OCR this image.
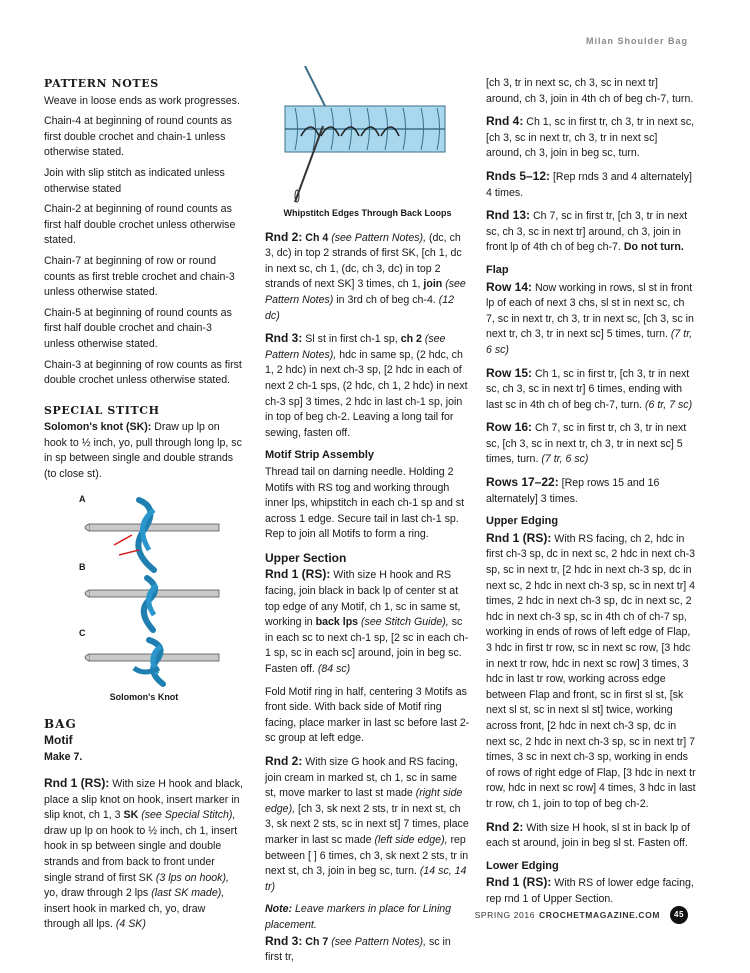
Milan Shoulder Bag
PATTERN NOTES

Weave in loose ends as work progresses.

Chain-4 at beginning of round counts as first double crochet and chain-1 unless otherwise stated.

Join with slip stitch as indicated unless otherwise stated

Chain-2 at beginning of round counts as first half double crochet unless otherwise stated.

Chain-7 at beginning of row or round counts as first treble crochet and chain-3 unless otherwise stated.

Chain-5 at beginning of round counts as first half double crochet and chain-3 unless otherwise stated.

Chain-3 at beginning of row counts as first double crochet unless otherwise stated.

SPECIAL STITCH

Solomon's knot (SK): Draw up lp on hook to ½ inch, yo, pull through long lp, sc in sp between single and double strands (to close st).

A
B
C
Solomon's Knot
BAG
Motif
Make 7.

Rnd 1 (RS): With size H hook and black, place a slip knot on hook, insert marker in slip knot, ch 1, 3 SK (see Special Stitch), draw up lp on hook to ½ inch, ch 1, insert hook in sp between single and double strands and from back to front under single strand of first SK (3 lps on hook), yo, draw through 2 lps (last SK made), insert hook in marked ch, yo, draw through all lps. (4 SK)

Whipstitch Edges Through Back Loops

Rnd 2: Ch 4 (see Pattern Notes), (dc, ch 3, dc) in top 2 strands of first SK, [ch 1, dc in next sc, ch 1, (dc, ch 3, dc) in top 2 strands of next SK] 3 times, ch 1, join (see Pattern Notes) in 3rd ch of beg ch-4. (12 dc)

Rnd 3: Sl st in first ch-1 sp, ch 2 (see Pattern Notes), hdc in same sp, (2 hdc, ch 1, 2 hdc) in next ch-3 sp, [2 hdc in each of next 2 ch-1 sps, (2 hdc, ch 1, 2 hdc) in next ch-3 sp] 3 times, 2 hdc in last ch-1 sp, join in top of beg ch-2. Leaving a long tail for sewing, fasten off.

Motif Strip Assembly

Thread tail on darning needle. Holding 2 Motifs with RS tog and working through inner lps, whipstitch in each ch-1 sp and st across 1 edge. Secure tail in last ch-1 sp. Rep to join all Motifs to form a ring.

Upper Section

Rnd 1 (RS): With size H hook and RS facing, join black in back lp of center st at top edge of any Motif, ch 1, sc in same st, working in back lps (see Stitch Guide), sc in each sc to next ch-1 sp, [2 sc in each ch-1 sp, sc in each sc] around, join in beg sc. Fasten off. (84 sc)

Fold Motif ring in half, centering 3 Motifs as front side. With back side of Motif ring facing, place marker in last sc before last 2-sc group at left edge.

Rnd 2: With size G hook and RS facing, join cream in marked st, ch 1, sc in same st, move marker to last st made (right side edge), [ch 3, sk next 2 sts, tr in next st, ch 3, sk next 2 sts, sc in next st] 7 times, place marker in last sc made (left side edge), rep between [ ] 6 times, ch 3, sk next 2 sts, tr in next st, ch 3, join in beg sc, turn. (14 sc, 14 tr)

Note: Leave markers in place for Lining placement.

Rnd 3: Ch 7 (see Pattern Notes), sc in first tr,

[ch 3, tr in next sc, ch 3, sc in next tr] around, ch 3, join in 4th ch of beg ch-7, turn.

Rnd 4: Ch 1, sc in first tr, ch 3, tr in next sc, [ch 3, sc in next tr, ch 3, tr in next sc] around, ch 3, join in beg sc, turn.

Rnds 5–12: [Rep rnds 3 and 4 alternately] 4 times.

Rnd 13: Ch 7, sc in first tr, [ch 3, tr in next sc, ch 3, sc in next tr] around, ch 3, join in front lp of 4th ch of beg ch-7. Do not turn.

Flap

Row 14: Now working in rows, sl st in front lp of each of next 3 chs, sl st in next sc, ch 7, sc in next tr, ch 3, tr in next sc, [ch 3, sc in next tr, ch 3, tr in next sc] 5 times, turn. (7 tr, 6 sc)

Row 15: Ch 1, sc in first tr, [ch 3, tr in next sc, ch 3, sc in next tr] 6 times, ending with last sc in 4th ch of beg ch-7, turn. (6 tr, 7 sc)

Row 16: Ch 7, sc in first tr, ch 3, tr in next sc, [ch 3, sc in next tr, ch 3, tr in next sc] 5 times, turn. (7 tr, 6 sc)

Rows 17–22: [Rep rows 15 and 16 alternately] 3 times.

Upper Edging

Rnd 1 (RS): With RS facing, ch 2, hdc in first ch-3 sp, dc in next sc, 2 hdc in next ch-3 sp, sc in next tr, [2 hdc in next ch-3 sp, dc in next sc, 2 hdc in next ch-3 sp, sc in next tr] 4 times, 2 hdc in next ch-3 sp, dc in next sc, 2 hdc in next ch-3 sp, sc in 4th ch of ch-7 sp, working in ends of rows of left edge of Flap, 3 hdc in first tr row, sc in next sc row, [3 hdc in next tr row, hdc in next sc row] 3 times, 3 hdc in last tr row, working across edge between Flap and front, sc in first sl st, [sk next sl st, sc in next sl st] twice, working across front, [2 hdc in next ch-3 sp, dc in next sc, 2 hdc in next ch-3 sp, sc in next tr] 7 times, 3 sc in next ch-3 sp, working in ends of rows of right edge of Flap, [3 hdc in next tr row, hdc in next sc row] 4 times, 3 hdc in last tr row, ch 1, join to top of beg ch-2.

Rnd 2: With size H hook, sl st in back lp of each st around, join in beg sl st. Fasten off.

Lower Edging

Rnd 1 (RS): With RS of lower edge facing, rep rnd 1 of Upper Section.

SPRING 2016 CROCHETMAGAZINE.COM	45
